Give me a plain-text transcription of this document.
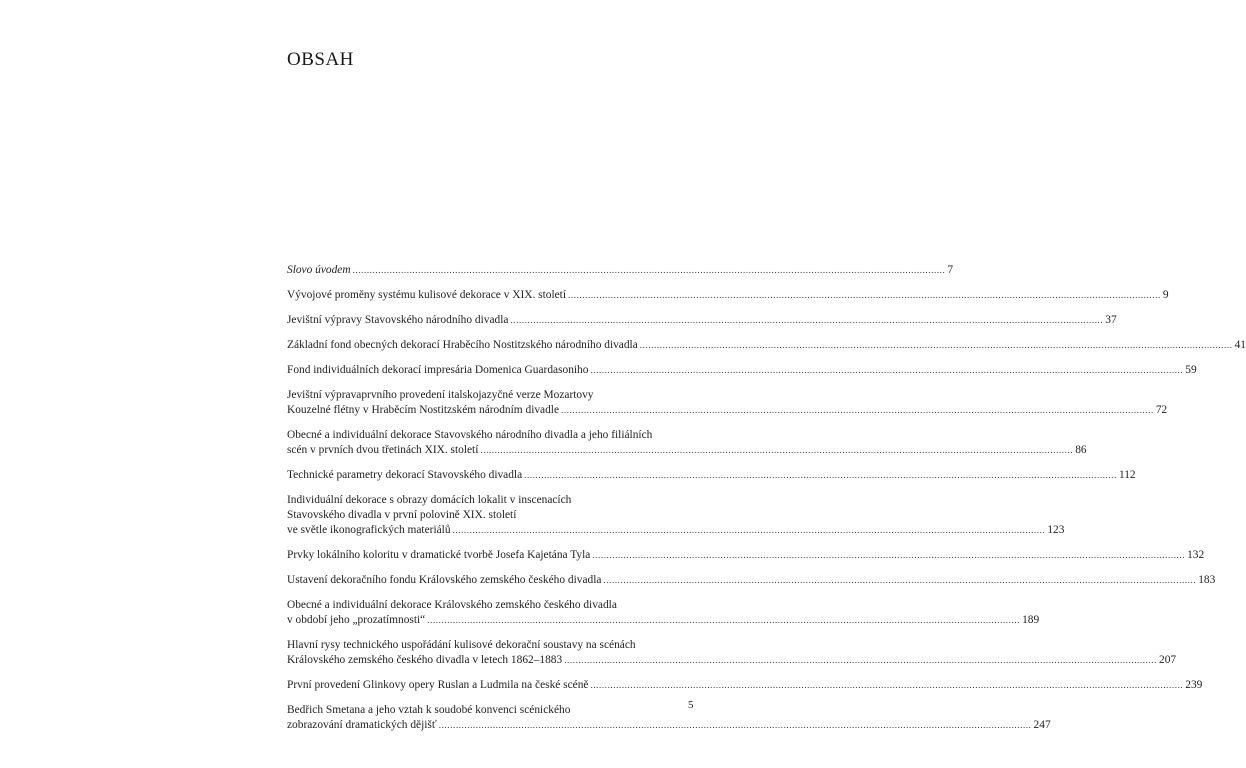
OBSAH
Slovo úvodem .....	7
Vývojové proměny systému kulisové dekorace v XIX. století .....	9
Jevištní výpravy Stavovského národního divadla .....	37
Základní fond obecných dekorací Hraběcího Nostitzského národního divadla .....	41
Fond individuálních dekorací impresária Domenica Guardasoniho .....	59
Jevištní výpravaprvního provedení italskojazyčné verze Mozartovy
Kouzelné flétny v Hraběcím Nostitzském národním divadle .....	72
Obecné a individuální dekorace Stavovského národního divadla a jeho filiálních
scén v prvních dvou třetinách XIX. století .....	86
Technické parametry dekorací Stavovského divadla .....	112
Individuální dekorace s obrazy domácích lokalit v inscenacích
Stavovského divadla v první polovině XIX. století
ve světle ikonografických materiálů .....	123
Prvky lokálního koloritu v dramatické tvorbě Josefa Kajetána Tyla .....	132
Ustavení dekoračního fondu Královského zemského českého divadla .....	183
Obecné a individuální dekorace Královského zemského českého divadla
v období jeho „prozatímnosti“ .....	189
Hlavní rysy technického uspořádání kulisové dekorační soustavy na scénách
Královského zemského českého divadla v letech 1862–1883 .....	207
První provedení Glinkovy opery Ruslan a Ludmila na české scéně .....	239
Bedřich Smetana a jeho vztah k soudobé konvenci scénického
zobrazování dramatických dějišť .....	247
5
